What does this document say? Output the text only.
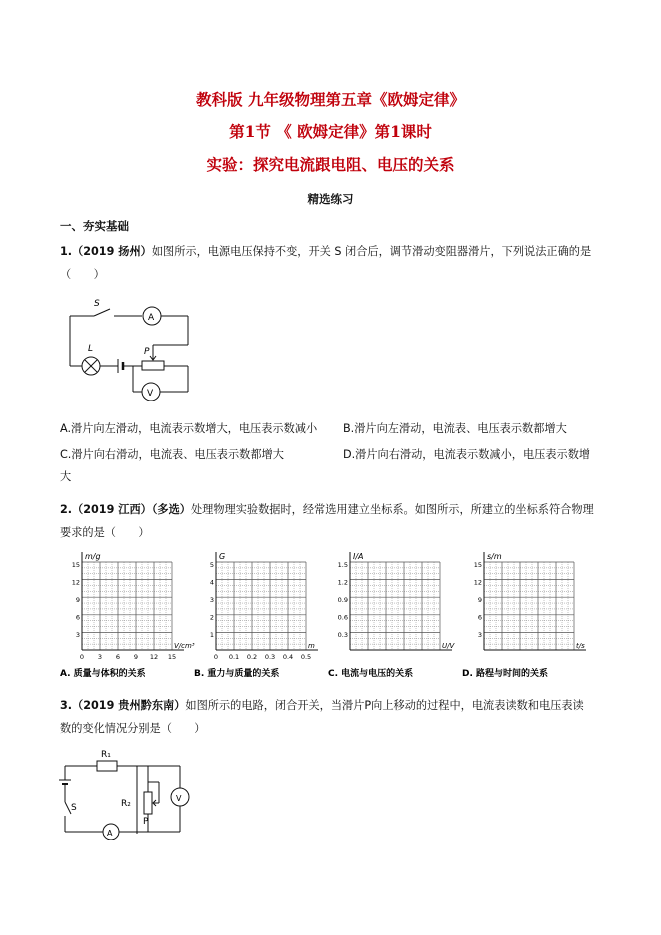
教科版 九年级物理第五章《欧姆定律》
第1节 《 欧姆定律》第1课时
实验：探究电流跟电阻、电压的关系
精选练习
一、夯实基础
1.（2019 扬州）如图所示，电源电压保持不变，开关 S 闭合后，调节滑动变阻器滑片，下列说法正确的是
（　　）
S
L	P
A
V
A.滑片向左滑动，电流表示数增大，电压表示数减小 B.滑片向左滑动，电流表、电压表示数都增大
C.滑片向右滑动，电流表、电压表示数都增大	D.滑片向右滑动，电流表示数减小，电压表示数增
大
2.（2019 江西）（多选）处理物理实验数据时，经常选用建立坐标系。如图所示，所建立的坐标系符合物理
要求的是（　　）
m/g
V/cm³
15
12
9
6
3
0 3 6 9 12 15
A. 质量与体积的关系
G
m
5
4
3
2
1
0 0.1 0.2 0.3 0.4 0.5
B. 重力与质量的关系
I/A
U/V
1.5
1.2
0.9
0.6
0.3
C. 电流与电压的关系
s/m
t/s
15
12
9
6
3
D. 路程与时间的关系
3.（2019 贵州黔东南）如图所示的电路，闭合开关，当滑片P向上移动的过程中，电流表读数和电压表读
数的变化情况分别是（　　）
R₁
R₂
P
S
A
V
